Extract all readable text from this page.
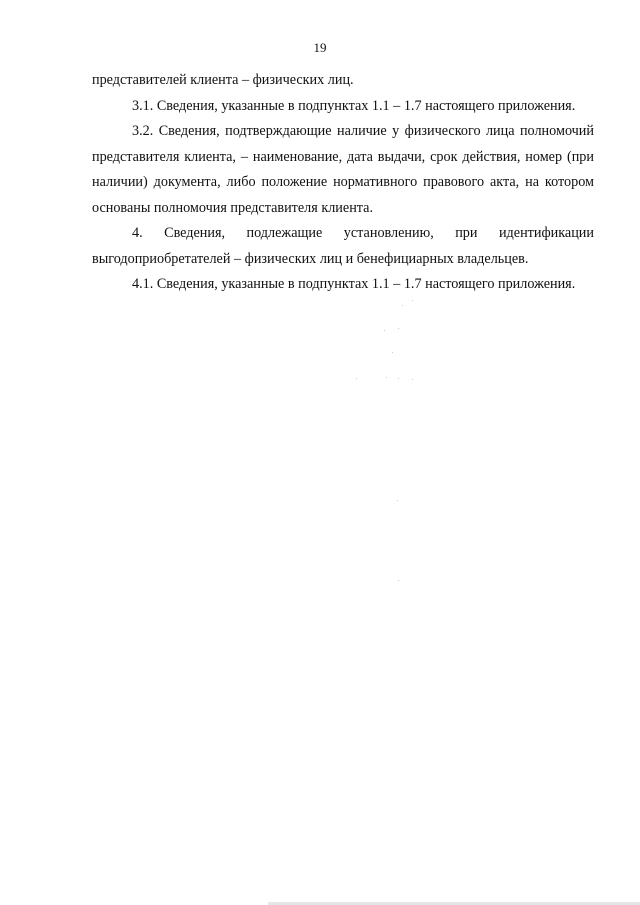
19

представителей клиента – физических лиц.

3.1. Сведения, указанные в подпунктах 1.1 – 1.7 настоящего приложения.

3.2. Сведения, подтверждающие наличие у физического лица полномочий представителя клиента, – наименование, дата выдачи, срок действия, номер (при наличии) документа, либо положение нормативного правового акта, на котором основаны полномочия представителя клиента.

4. Сведения, подлежащие установлению, при идентификации выгодоприобретателей – физических лиц и бенефициарных владельцев.

4.1. Сведения, указанные в подпунктах 1.1 – 1.7 настоящего приложения.
